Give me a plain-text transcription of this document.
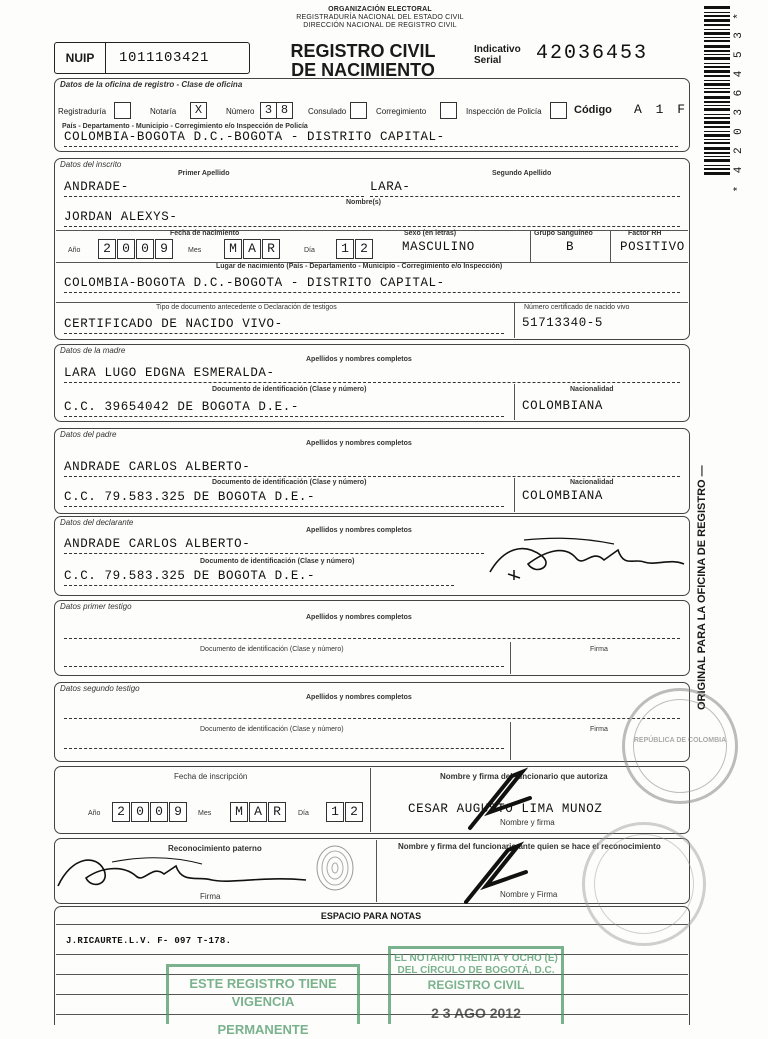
ORGANIZACIÓN ELECTORAL
REGISTRADURÍA NACIONAL DEL ESTADO CIVIL
DIRECCIÓN NACIONAL DE REGISTRO CIVIL
NUIP	1011103421	REGISTRO CIVIL
DE NACIMIENTO
Indicativo
Serial	42036453	* 4 2 0 3 6 4 5 3 *
ORIGINAL PARA LA OFICINA DE REGISTRO —
Datos de la oficina de registro - Clase de oficina
Registraduría	Notaría	X	Número 3 8	Consulado	Corregimiento	Inspección de Policía	Código A 1 F
País - Departamento - Municipio - Corregimiento e/o Inspección de Policía
COLOMBIA-BOGOTA D.C.-BOGOTA - DISTRITO CAPITAL-
Datos del inscrito
Primer Apellido	Segundo Apellido
ANDRADE-	LARA-
Nombre(s)
JORDAN ALEXYS-
Fecha de nacimiento	Sexo (en letras)	Grupo Sanguíneo	Factor RH
Año	2 0 0 9	Mes	M A R	Día	1 2	MASCULINO	B	POSITIVO
Lugar de nacimiento (País - Departamento - Municipio - Corregimiento e/o Inspección)
COLOMBIA-BOGOTA D.C.-BOGOTA - DISTRITO CAPITAL-
Tipo de documento antecedente o Declaración de testigos	Número certificado de nacido vivo
CERTIFICADO DE NACIDO VIVO-	51713340-5
Datos de la madre
Apellidos y nombres completos
LARA LUGO EDGNA ESMERALDA-
Documento de identificación (Clase y número)	Nacionalidad
C.C. 39654042 DE BOGOTA D.E.-	COLOMBIANA
Datos del padre
Apellidos y nombres completos
ANDRADE CARLOS ALBERTO-
Documento de identificación (Clase y número)	Nacionalidad
C.C. 79.583.325 DE BOGOTA D.E.-	COLOMBIANA
Datos del declarante
Apellidos y nombres completos
ANDRADE CARLOS ALBERTO-
Documento de identificación (Clase y número)
C.C. 79.583.325 DE BOGOTA D.E.-
Datos primer testigo
Apellidos y nombres completos
Documento de identificación (Clase y número)	Firma
Datos segundo testigo
Apellidos y nombres completos
Documento de identificación (Clase y número)	Firma
Fecha de inscripción	Nombre y firma del funcionario que autoriza
Año	2 0 0 9	Mes	M A R	Día	1 2	CESAR AUGUSTO LIMA MUNOZ
Nombre y firma
Reconocimiento paterno	Nombre y firma del funcionario ante quien se hace el reconocimiento
Firma	Nombre y Firma
ESPACIO PARA NOTAS
J.RICAURTE.L.V. F- 097 T-178.
ESTE REGISTRO TIENE VIGENCIA
PERMANENTE
EL NOTARIO TREINTA Y OCHO (E)
DEL CÍRCULO DE BOGOTÁ, D.C.
REGISTRO CIVIL
2 3 AGO 2012
REPÚBLICA DE COLOMBIA
